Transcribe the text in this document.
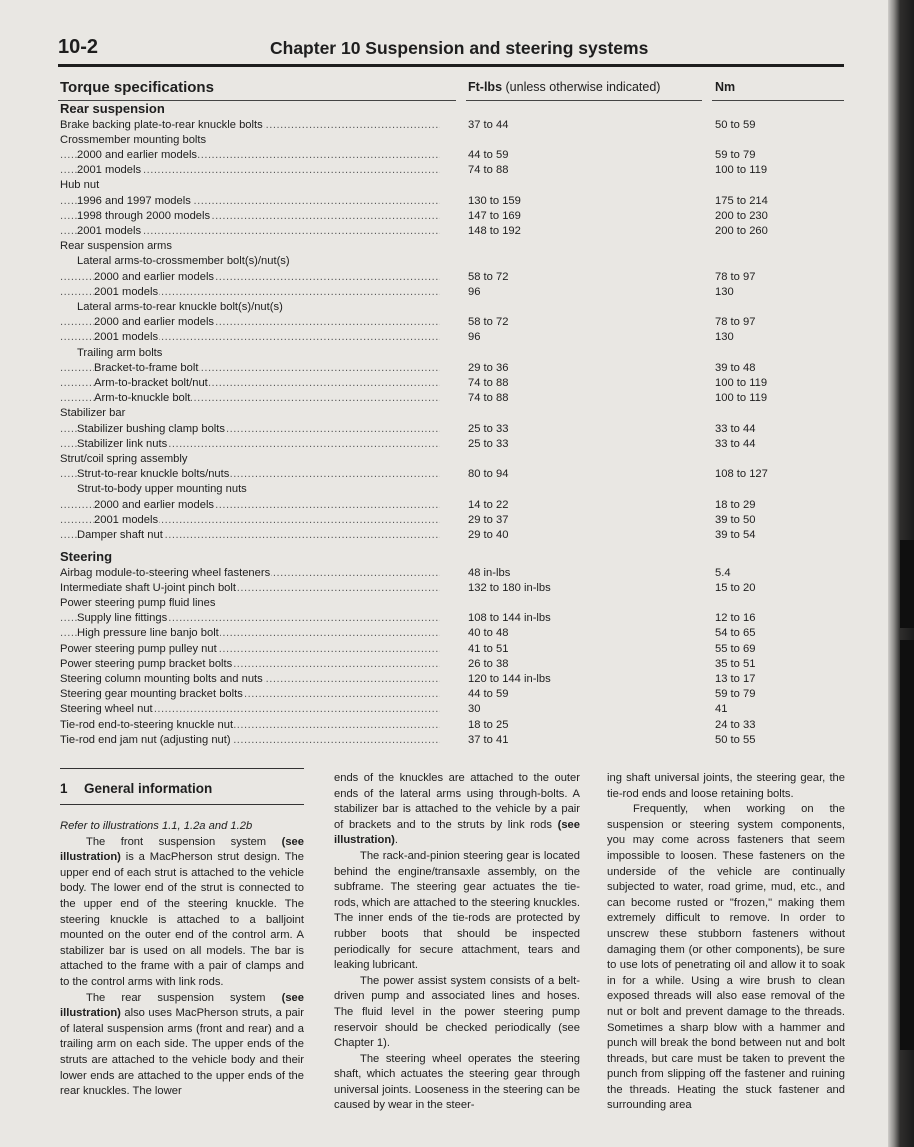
10-2	Chapter 10 Suspension and steering systems
Torque specifications	Ft-lbs (unless otherwise indicated)	Nm
Rear suspension
Brake backing plate-to-rear knuckle bolts .....	37 to 44	50 to 59
Crossmember mounting bolts
2000 and earlier models .....	44 to 59	59 to 79
2001 models .....	74 to 88	100 to 119
Hub nut
1996 and 1997 models .....	130 to 159	175 to 214
1998 through 2000 models .....	147 to 169	200 to 230
2001 models .....	148 to 192	200 to 260
Rear suspension arms
Lateral arms-to-crossmember bolt(s)/nut(s)
2000 and earlier models .....	58 to 72	78 to 97
2001 models .....	96	130
Lateral arms-to-rear knuckle bolt(s)/nut(s)
2000 and earlier models .....	58 to 72	78 to 97
2001 models .....	96	130
Trailing arm bolts
Bracket-to-frame bolt .....	29 to 36	39 to 48
Arm-to-bracket bolt/nut .....	74 to 88	100 to 119
Arm-to-knuckle bolt .....	74 to 88	100 to 119
Stabilizer bar
Stabilizer bushing clamp bolts .....	25 to 33	33 to 44
Stabilizer link nuts .....	25 to 33	33 to 44
Strut/coil spring assembly
Strut-to-rear knuckle bolts/nuts .....	80 to 94	108 to 127
Strut-to-body upper mounting nuts
2000 and earlier models .....	14 to 22	18 to 29
2001 models .....	29 to 37	39 to 50
Damper shaft nut .....	29 to 40	39 to 54
Steering
Airbag module-to-steering wheel fasteners .....	48 in-lbs	5.4
Intermediate shaft U-joint pinch bolt .....	132 to 180 in-lbs	15 to 20
Power steering pump fluid lines
Supply line fittings .....	108 to 144 in-lbs	12 to 16
High pressure line banjo bolt .....	40 to 48	54 to 65
Power steering pump pulley nut .....	41 to 51	55 to 69
Power steering pump bracket bolts .....	26 to 38	35 to 51
Steering column mounting bolts and nuts .....	120 to 144 in-lbs	13 to 17
Steering gear mounting bracket bolts .....	44 to 59	59 to 79
Steering wheel nut .....	30	41
Tie-rod end-to-steering knuckle nut .....	18 to 25	24 to 33
Tie-rod end jam nut (adjusting nut) .....	37 to 41	50 to 55
1 General information

Refer to illustrations 1.1, 1.2a and 1.2b

The front suspension system (see illustration) is a MacPherson strut design. The upper end of each strut is attached to the vehicle body. The lower end of the strut is connected to the upper end of the steering knuckle. The steering knuckle is attached to a balljoint mounted on the outer end of the control arm. A stabilizer bar is used on all models. The bar is attached to the frame with a pair of clamps and to the control arms with link rods.

The rear suspension system (see illustration) also uses MacPherson struts, a pair of lateral suspension arms (front and rear) and a trailing arm on each side. The upper ends of the struts are attached to the vehicle body and their lower ends are attached to the upper ends of the rear knuckles. The lower

ends of the knuckles are attached to the outer ends of the lateral arms using through-bolts. A stabilizer bar is attached to the vehicle by a pair of brackets and to the struts by link rods (see illustration).

The rack-and-pinion steering gear is located behind the engine/transaxle assembly, on the subframe. The steering gear actuates the tie-rods, which are attached to the steering knuckles. The inner ends of the tie-rods are protected by rubber boots that should be inspected periodically for secure attachment, tears and leaking lubricant.

The power assist system consists of a belt-driven pump and associated lines and hoses. The fluid level in the power steering pump reservoir should be checked periodically (see Chapter 1).

The steering wheel operates the steering shaft, which actuates the steering gear through universal joints. Looseness in the steering can be caused by wear in the steer-

ing shaft universal joints, the steering gear, the tie-rod ends and loose retaining bolts.

Frequently, when working on the suspension or steering system components, you may come across fasteners that seem impossible to loosen. These fasteners on the underside of the vehicle are continually subjected to water, road grime, mud, etc., and can become rusted or "frozen," making them extremely difficult to remove. In order to unscrew these stubborn fasteners without damaging them (or other components), be sure to use lots of penetrating oil and allow it to soak in for a while. Using a wire brush to clean exposed threads will also ease removal of the nut or bolt and prevent damage to the threads. Sometimes a sharp blow with a hammer and punch will break the bond between nut and bolt threads, but care must be taken to prevent the punch from slipping off the fastener and ruining the threads. Heating the stuck fastener and surrounding area
